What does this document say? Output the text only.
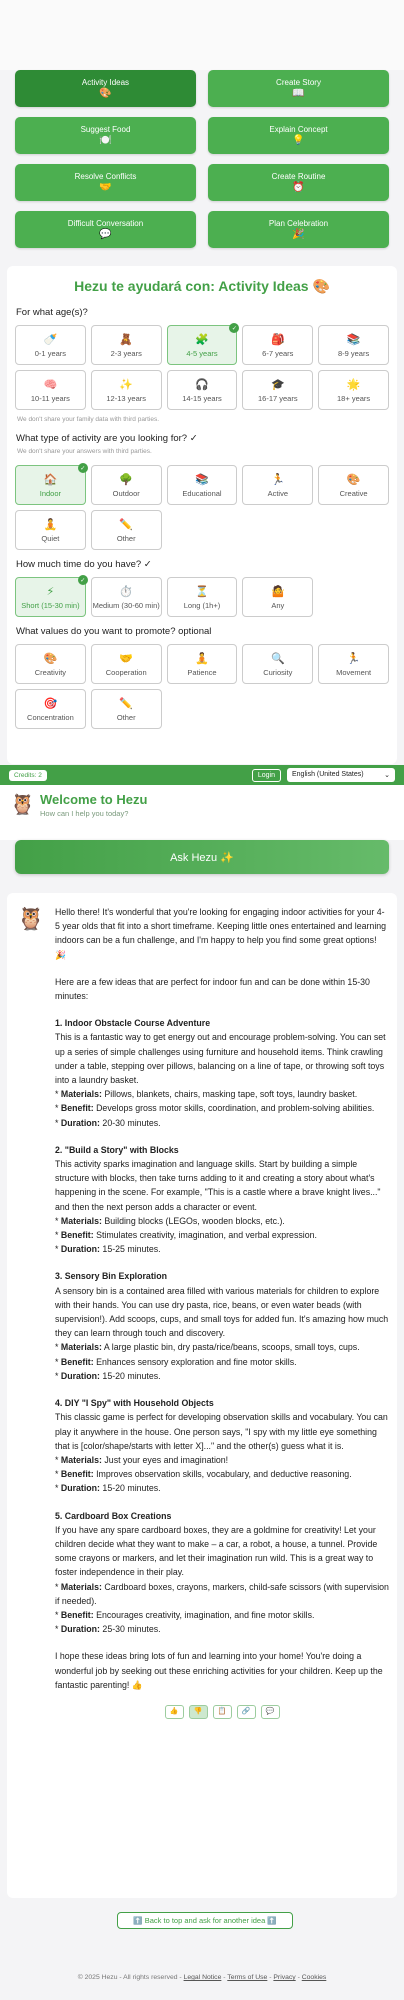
Activity Ideas
🎨
Create Story
📖
Suggest Food
🍽️
Explain Concept
💡
Resolve Conflicts
🤝
Create Routine
⏰
Difficult Conversation
💬
Plan Celebration
🎉
Hezu te ayudará con: Activity Ideas 🎨
For what age(s)?
🍼
0-1 years
🧸
2-3 years
🧩
4-5 years
✓
🎒
6-7 years
📚
8-9 years
🧠
10-11 years
✨
12-13 years
🎧
14-15 years
🎓
16-17 years
🌟
18+ years
We don't share your family data with third parties.
What type of activity are you looking for? ✓
We don't share your answers with third parties.
🏠
Indoor
✓
🌳
Outdoor
📚
Educational
🏃
Active
🎨
Creative
🧘
Quiet
✏️
Other
How much time do you have? ✓
⚡
Short (15-30 min)
✓
⏱️
Medium (30-60 min)
⏳
Long (1h+)
🤷
Any
What values do you want to promote? optional
🎨
Creativity
🤝
Cooperation
🧘
Patience
🔍
Curiosity
🏃
Movement
🎯
Concentration
✏️
Other
Credits: 2	Login	English (United States)	⌄
🦉 Welcome to Hezu
How can I help you today?
Ask Hezu ✨
🦉 Hello there! It's wonderful that you're looking for engaging indoor activities for your 4-5 year olds that fit into a short timeframe. Keeping little ones entertained and learning indoors can be a fun challenge, and I'm happy to help you find some great options! 🎉

Here are a few ideas that are perfect for indoor fun and can be done within 15-30 minutes:

1. Indoor Obstacle Course Adventure
This is a fantastic way to get energy out and encourage problem-solving. You can set up a series of simple challenges using furniture and household items. Think crawling under a table, stepping over pillows, balancing on a line of tape, or throwing soft toys into a laundry basket.
* Materials: Pillows, blankets, chairs, masking tape, soft toys, laundry basket.
* Benefit: Develops gross motor skills, coordination, and problem-solving abilities.
* Duration: 20-30 minutes.

2. "Build a Story" with Blocks
This activity sparks imagination and language skills. Start by building a simple structure with blocks, then take turns adding to it and creating a story about what's happening in the scene. For example, "This is a castle where a brave knight lives..." and then the next person adds a character or event.
* Materials: Building blocks (LEGOs, wooden blocks, etc.).
* Benefit: Stimulates creativity, imagination, and verbal expression.
* Duration: 15-25 minutes.

3. Sensory Bin Exploration
A sensory bin is a contained area filled with various materials for children to explore with their hands. You can use dry pasta, rice, beans, or even water beads (with supervision!). Add scoops, cups, and small toys for added fun. It's amazing how much they can learn through touch and discovery.
* Materials: A large plastic bin, dry pasta/rice/beans, scoops, small toys, cups.
* Benefit: Enhances sensory exploration and fine motor skills.
* Duration: 15-20 minutes.

4. DIY "I Spy" with Household Objects
This classic game is perfect for developing observation skills and vocabulary. You can play it anywhere in the house. One person says, "I spy with my little eye something that is [color/shape/starts with letter X]..." and the other(s) guess what it is.
* Materials: Just your eyes and imagination!
* Benefit: Improves observation skills, vocabulary, and deductive reasoning.
* Duration: 15-20 minutes.

5. Cardboard Box Creations
If you have any spare cardboard boxes, they are a goldmine for creativity! Let your children decide what they want to make – a car, a robot, a house, a tunnel. Provide some crayons or markers, and let their imagination run wild. This is a great way to foster independence in their play.
* Materials: Cardboard boxes, crayons, markers, child-safe scissors (with supervision if needed).
* Benefit: Encourages creativity, imagination, and fine motor skills.
* Duration: 25-30 minutes.

I hope these ideas bring lots of fun and learning into your home! You're doing a wonderful job by seeking out these enriching activities for your children. Keep up the fantastic parenting! 👍

👍	👎	📋	🔗	💬
⬆️ Back to top and ask for another idea ⬆️
© 2025 Hezu - All rights reserved - Legal Notice - Terms of Use - Privacy - Cookies
